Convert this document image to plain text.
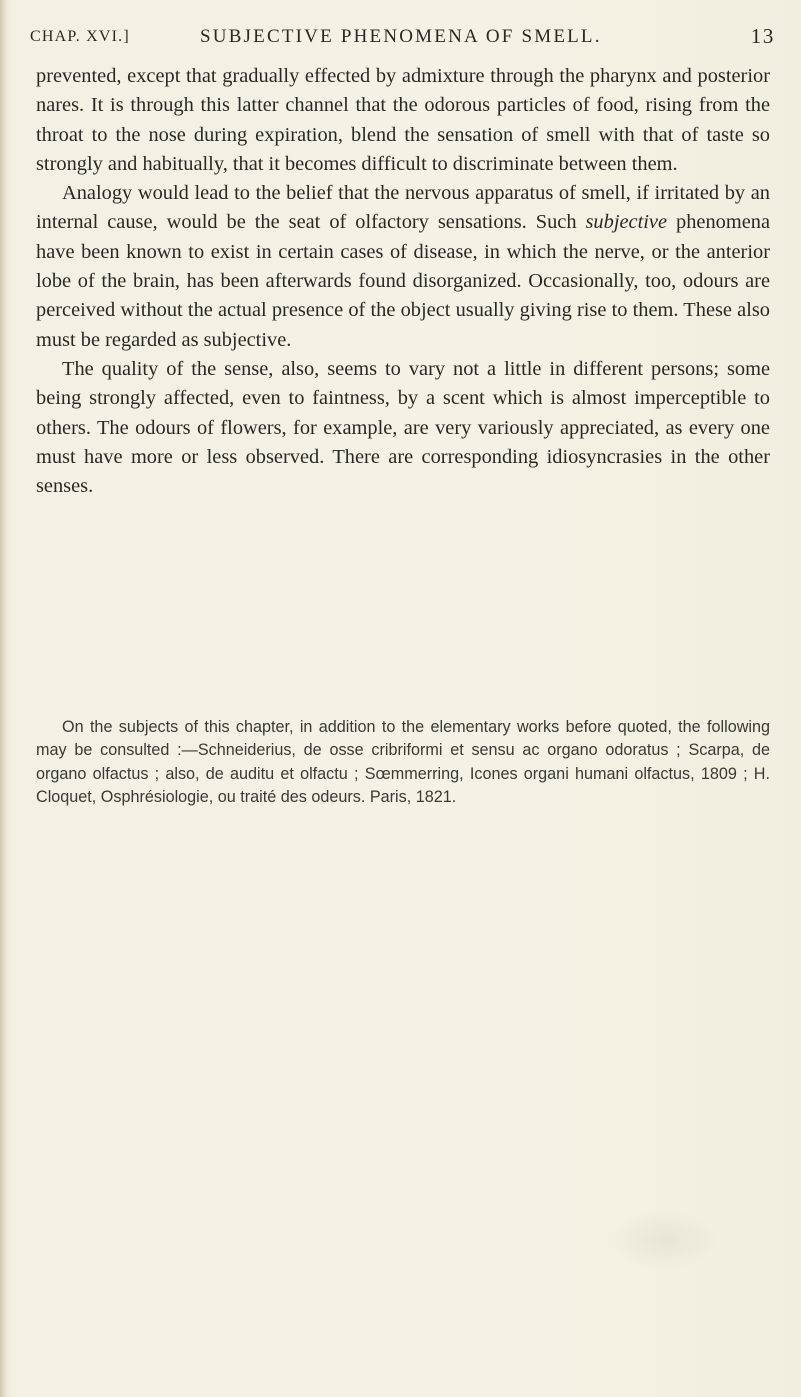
CHAP. XVI.]	SUBJECTIVE PHENOMENA OF SMELL.	13

prevented, except that gradually effected by admixture through the pharynx and posterior nares. It is through this latter channel that the odorous particles of food, rising from the throat to the nose during expiration, blend the sensation of smell with that of taste so strongly and habitually, that it becomes difficult to discriminate between them.

Analogy would lead to the belief that the nervous apparatus of smell, if irritated by an internal cause, would be the seat of olfactory sensations. Such subjective phenomena have been known to exist in certain cases of disease, in which the nerve, or the anterior lobe of the brain, has been afterwards found disorganized. Occasionally, too, odours are perceived without the actual presence of the object usually giving rise to them. These also must be regarded as subjective.

The quality of the sense, also, seems to vary not a little in different persons; some being strongly affected, even to faintness, by a scent which is almost imperceptible to others. The odours of flowers, for example, are very variously appreciated, as every one must have more or less observed. There are corresponding idiosyncrasies in the other senses.

On the subjects of this chapter, in addition to the elementary works before quoted, the following may be consulted :—Schneiderius, de osse cribriformi et sensu ac organo odoratus ; Scarpa, de organo olfactus ; also, de auditu et olfactu ; Sœmmerring, Icones organi humani olfactus, 1809 ; H. Cloquet, Osphrésiologie, ou traité des odeurs. Paris, 1821.
